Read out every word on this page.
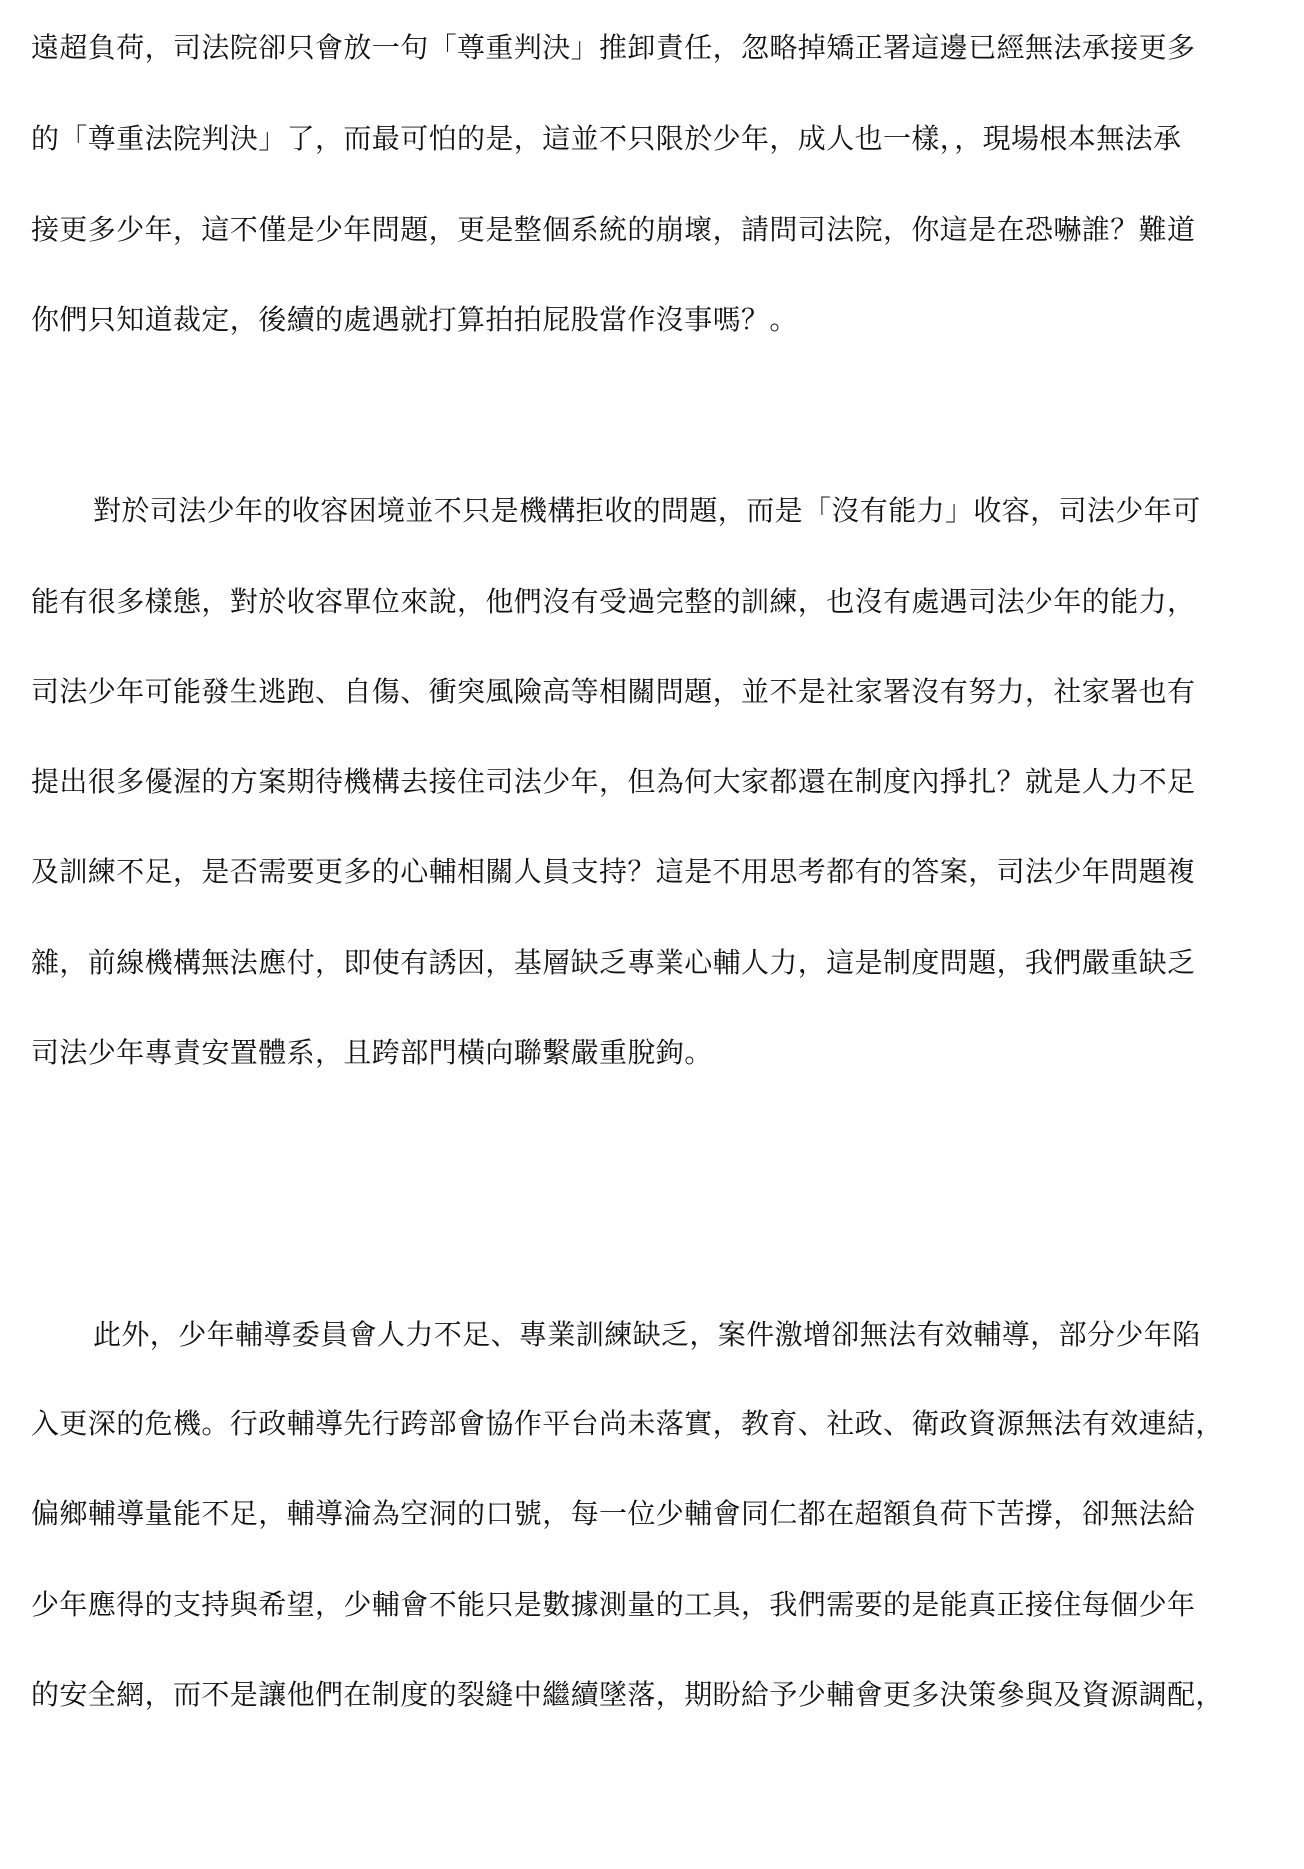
遠超負荷，司法院卻只會放一句「尊重判決」推卸責任，忽略掉矯正署這邊已經無法承接更多
的「尊重法院判決」了，而最可怕的是，這並不只限於少年，成人也一樣，，現場根本無法承
接更多少年，這不僅是少年問題，更是整個系統的崩壞，請問司法院，你這是在恐嚇誰？難道
你們只知道裁定，後續的處遇就打算拍拍屁股當作沒事嗎？。
對於司法少年的收容困境並不只是機構拒收的問題，而是「沒有能力」收容，司法少年可
能有很多樣態，對於收容單位來說，他們沒有受過完整的訓練，也沒有處遇司法少年的能力，
司法少年可能發生逃跑、自傷、衝突風險高等相關問題，並不是社家署沒有努力，社家署也有
提出很多優渥的方案期待機構去接住司法少年，但為何大家都還在制度內掙扎？就是人力不足
及訓練不足，是否需要更多的心輔相關人員支持？這是不用思考都有的答案，司法少年問題複
雜，前線機構無法應付，即使有誘因，基層缺乏專業心輔人力，這是制度問題，我們嚴重缺乏
司法少年專責安置體系，且跨部門橫向聯繫嚴重脫鉤。
此外，少年輔導委員會人力不足、專業訓練缺乏，案件激增卻無法有效輔導，部分少年陷
入更深的危機。行政輔導先行跨部會協作平台尚未落實，教育、社政、衛政資源無法有效連結，
偏鄉輔導量能不足，輔導淪為空洞的口號，每一位少輔會同仁都在超額負荷下苦撐，卻無法給
少年應得的支持與希望，少輔會不能只是數據測量的工具，我們需要的是能真正接住每個少年
的安全網，而不是讓他們在制度的裂縫中繼續墜落，期盼給予少輔會更多決策參與及資源調配，
